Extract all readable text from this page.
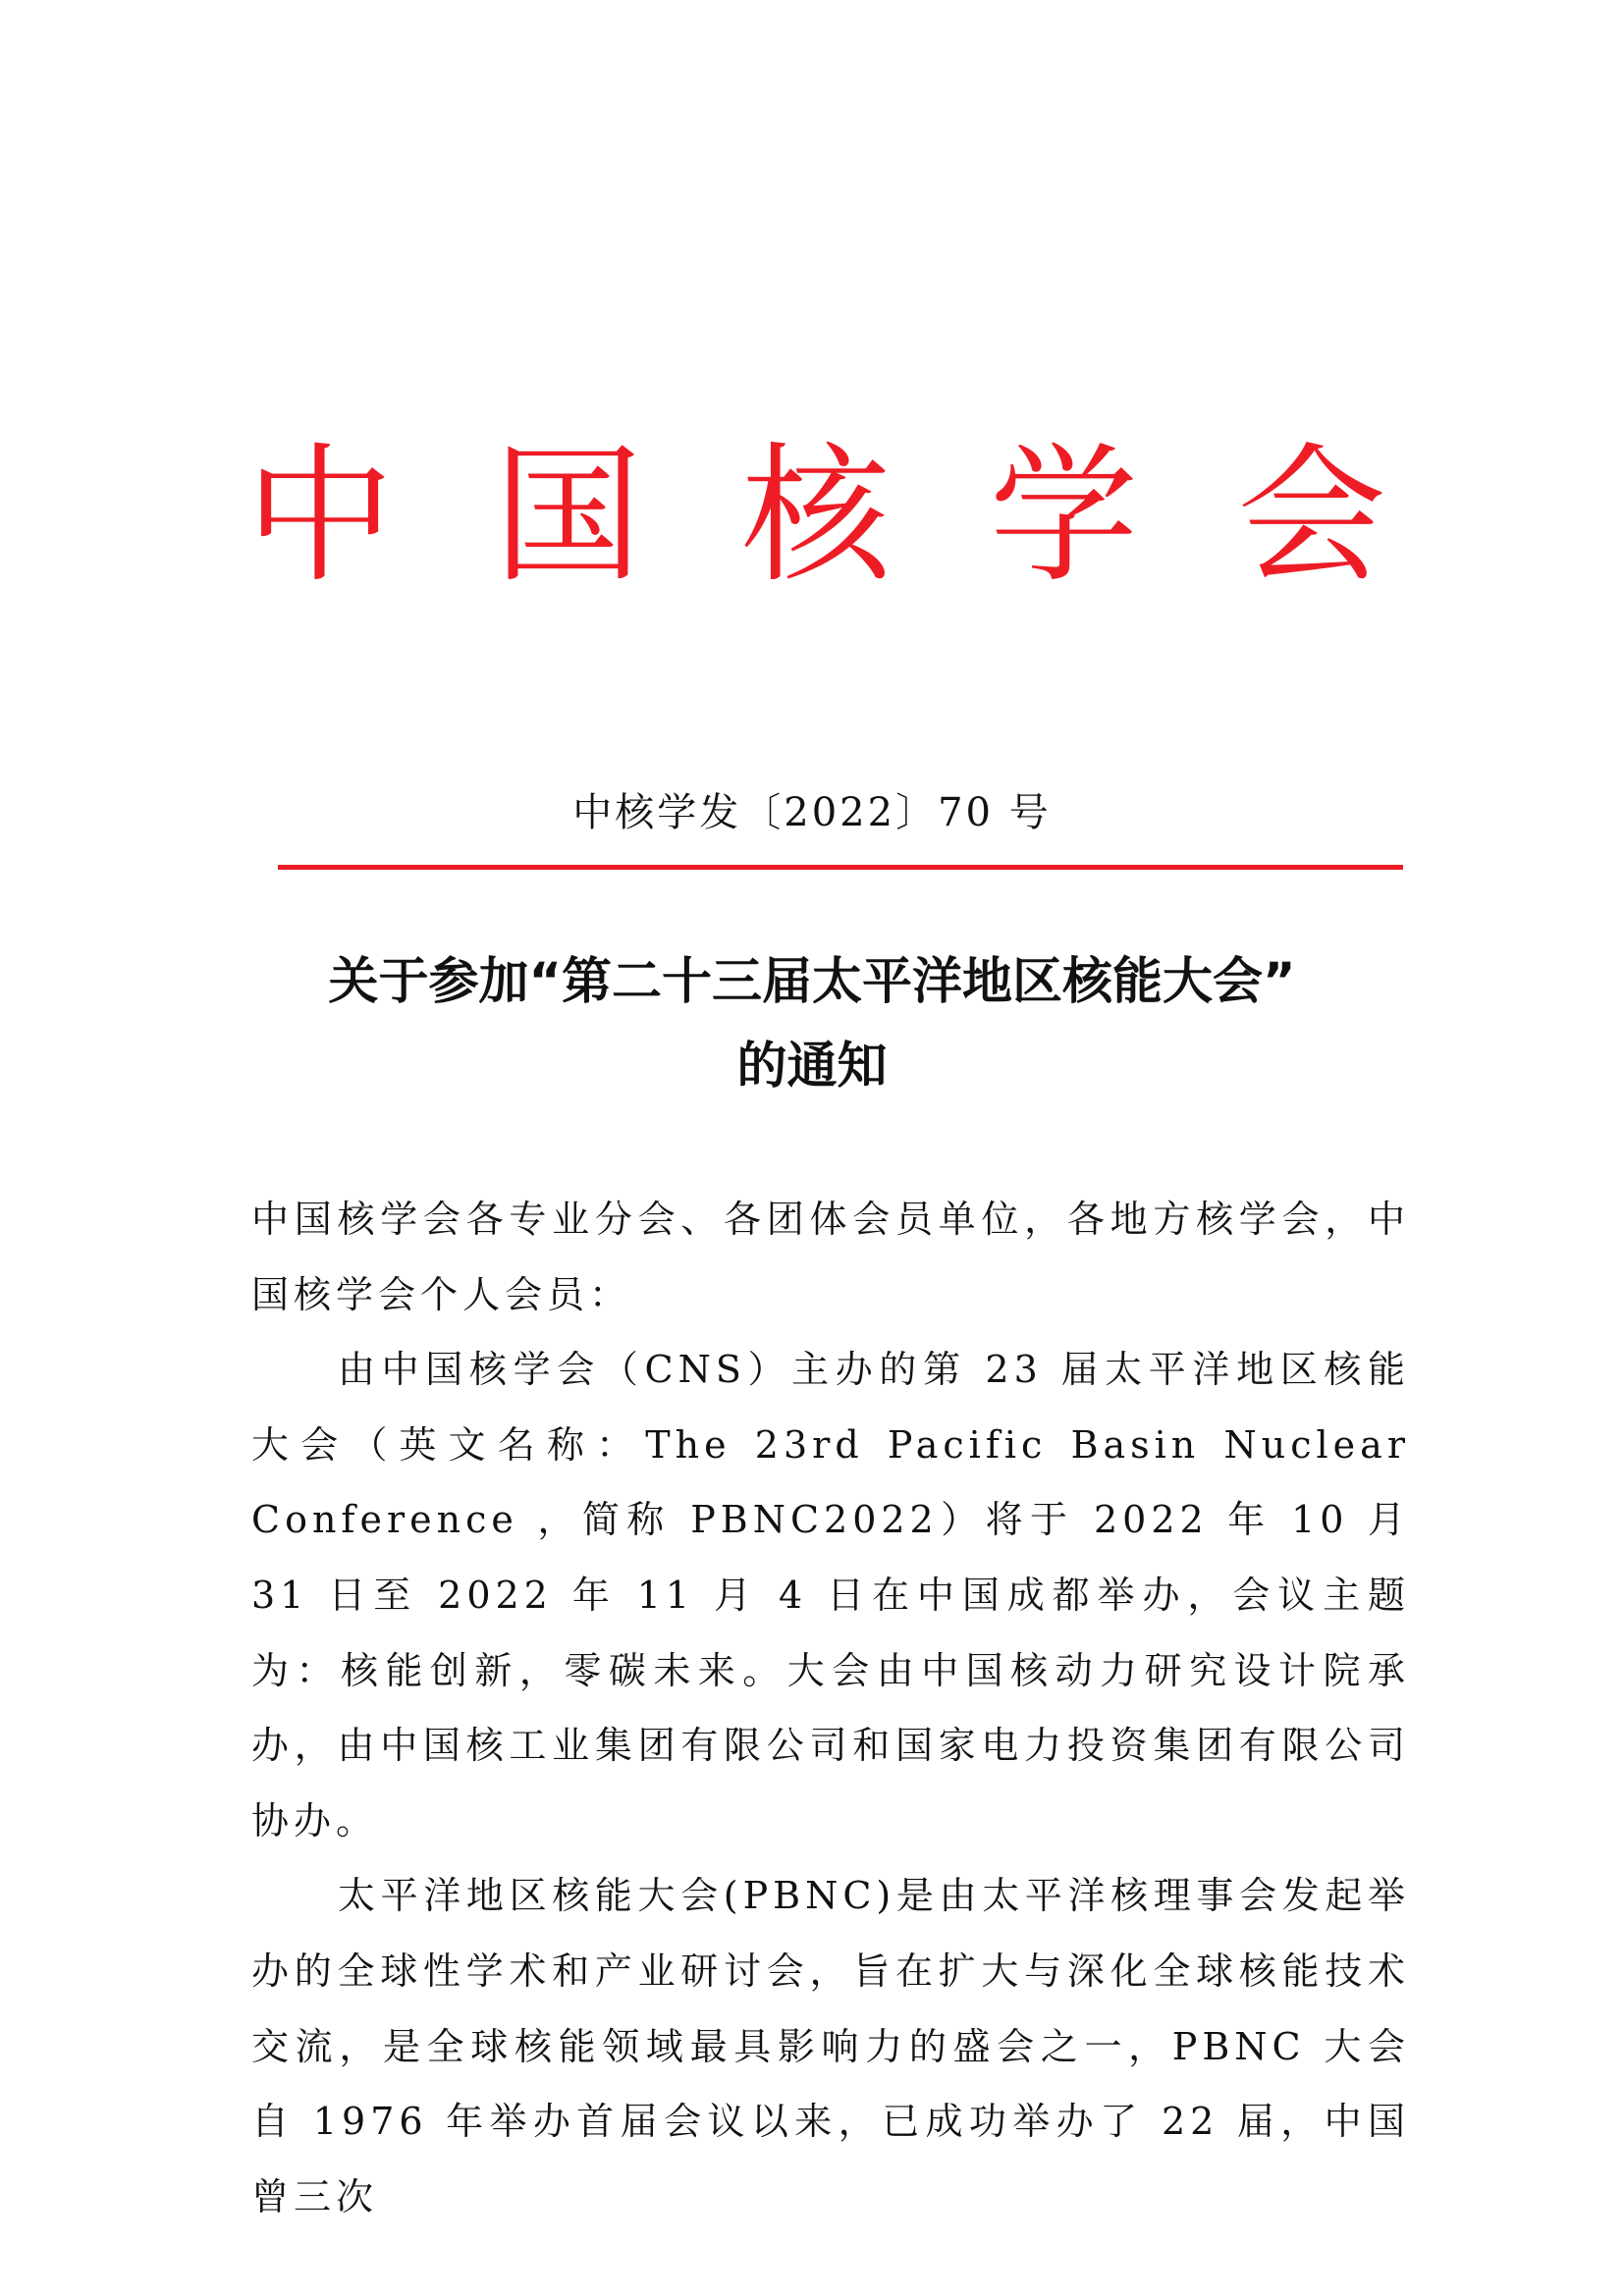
中 国 核 学 会
中核学发〔2022〕70 号
关于参加“第二十三届太平洋地区核能大会”
的通知

中国核学会各专业分会、各团体会员单位，各地方核学会，中国核学会个人会员：

由中国核学会（CNS）主办的第 23 届太平洋地区核能大会（英文名称：The 23rd Pacific Basin Nuclear Conference ，简称 PBNC2022）将于 2022 年 10 月 31 日至 2022 年 11 月 4 日在中国成都举办，会议主题为：核能创新，零碳未来。大会由中国核动力研究设计院承办，由中国核工业集团有限公司和国家电力投资集团有限公司协办。

太平洋地区核能大会(PBNC)是由太平洋核理事会发起举办的全球性学术和产业研讨会，旨在扩大与深化全球核能技术交流，是全球核能领域最具影响力的盛会之一，PBNC 大会自 1976 年举办首届会议以来，已成功举办了 22 届，中国曾三次
